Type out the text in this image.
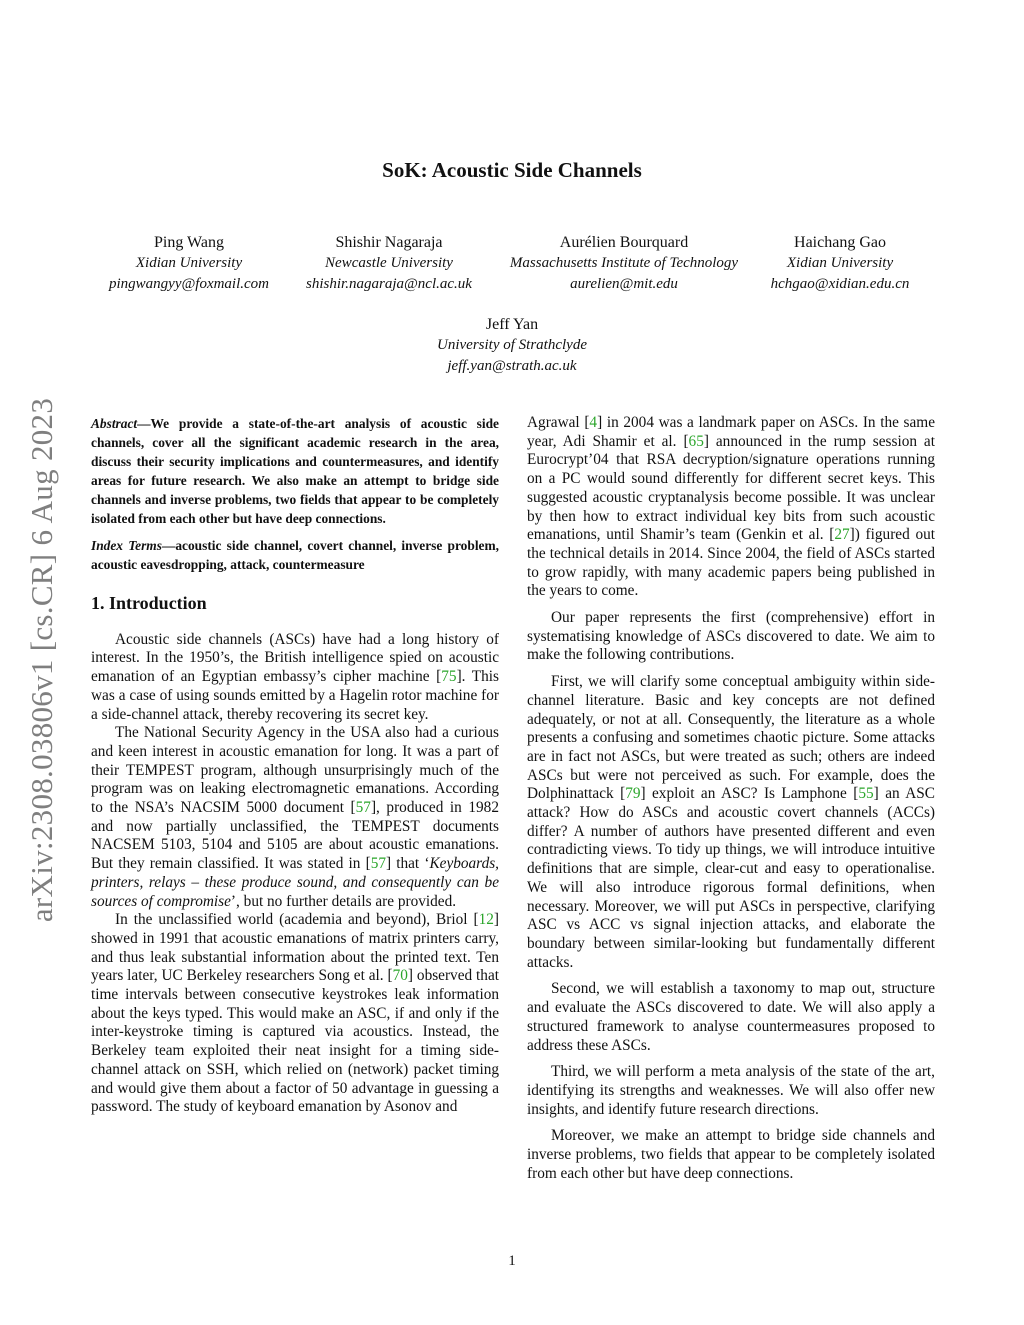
arXiv:2308.03806v1 [cs.CR] 6 Aug 2023
SoK: Acoustic Side Channels
Ping Wang
Xidian University
pingwangyy@foxmail.com
Shishir Nagaraja
Newcastle University
shishir.nagaraja@ncl.ac.uk
Aurélien Bourquard
Massachusetts Institute of Technology
aurelien@mit.edu
Haichang Gao
Xidian University
hchgao@xidian.edu.cn
Jeff Yan
University of Strathclyde
jeff.yan@strath.ac.uk

Abstract—We provide a state-of-the-art analysis of acoustic side channels, cover all the significant academic research in the area, discuss their security implications and countermeasures, and identify areas for future research. We also make an attempt to bridge side channels and inverse problems, two fields that appear to be completely isolated from each other but have deep connections.

Index Terms—acoustic side channel, covert channel, inverse problem, acoustic eavesdropping, attack, countermeasure

1. Introduction

Acoustic side channels (ASCs) have had a long history of interest. In the 1950’s, the British intelligence spied on acoustic emanation of an Egyptian embassy’s cipher machine [75]. This was a case of using sounds emitted by a Hagelin rotor machine for a side-channel attack, thereby recovering its secret key.

The National Security Agency in the USA also had a curious and keen interest in acoustic emanation for long. It was a part of their TEMPEST program, although unsurprisingly much of the program was on leaking electromagnetic emanations. According to the NSA’s NACSIM 5000 document [57], produced in 1982 and now partially unclassified, the TEMPEST documents NACSEM 5103, 5104 and 5105 are about acoustic emanations. But they remain classified. It was stated in [57] that ‘Keyboards, printers, relays – these produce sound, and consequently can be sources of compromise’, but no further details are provided.

In the unclassified world (academia and beyond), Briol [12] showed in 1991 that acoustic emanations of matrix printers carry, and thus leak substantial information about the printed text. Ten years later, UC Berkeley researchers Song et al. [70] observed that time intervals between consecutive keystrokes leak information about the keys typed. This would make an ASC, if and only if the inter-keystroke timing is captured via acoustics. Instead, the Berkeley team exploited their neat insight for a timing side-channel attack on SSH, which relied on (network) packet timing and would give them about a factor of 50 advantage in guessing a password. The study of keyboard emanation by Asonov and

Agrawal [4] in 2004 was a landmark paper on ASCs. In the same year, Adi Shamir et al. [65] announced in the rump session at Eurocrypt’04 that RSA decryption/signature operations running on a PC would sound differently for different secret keys. This suggested acoustic cryptanalysis become possible. It was unclear by then how to extract individual key bits from such acoustic emanations, until Shamir’s team (Genkin et al. [27]) figured out the technical details in 2014. Since 2004, the field of ASCs started to grow rapidly, with many academic papers being published in the years to come.

Our paper represents the first (comprehensive) effort in systematising knowledge of ASCs discovered to date. We aim to make the following contributions.

First, we will clarify some conceptual ambiguity within side-channel literature. Basic and key concepts are not defined adequately, or not at all. Consequently, the literature as a whole presents a confusing and sometimes chaotic picture. Some attacks are in fact not ASCs, but were treated as such; others are indeed ASCs but were not perceived as such. For example, does the Dolphinattack [79] exploit an ASC? Is Lamphone [55] an ASC attack? How do ASCs and acoustic covert channels (ACCs) differ? A number of authors have presented different and even contradicting views. To tidy up things, we will introduce intuitive definitions that are simple, clear-cut and easy to operationalise. We will also introduce rigorous formal definitions, when necessary. Moreover, we will put ASCs in perspective, clarifying ASC vs ACC vs signal injection attacks, and elaborate the boundary between similar-looking but fundamentally different attacks.

Second, we will establish a taxonomy to map out, structure and evaluate the ASCs discovered to date. We will also apply a structured framework to analyse countermeasures proposed to address these ASCs.

Third, we will perform a meta analysis of the state of the art, identifying its strengths and weaknesses. We will also offer new insights, and identify future research directions.

Moreover, we make an attempt to bridge side channels and inverse problems, two fields that appear to be completely isolated from each other but have deep connections.

1
